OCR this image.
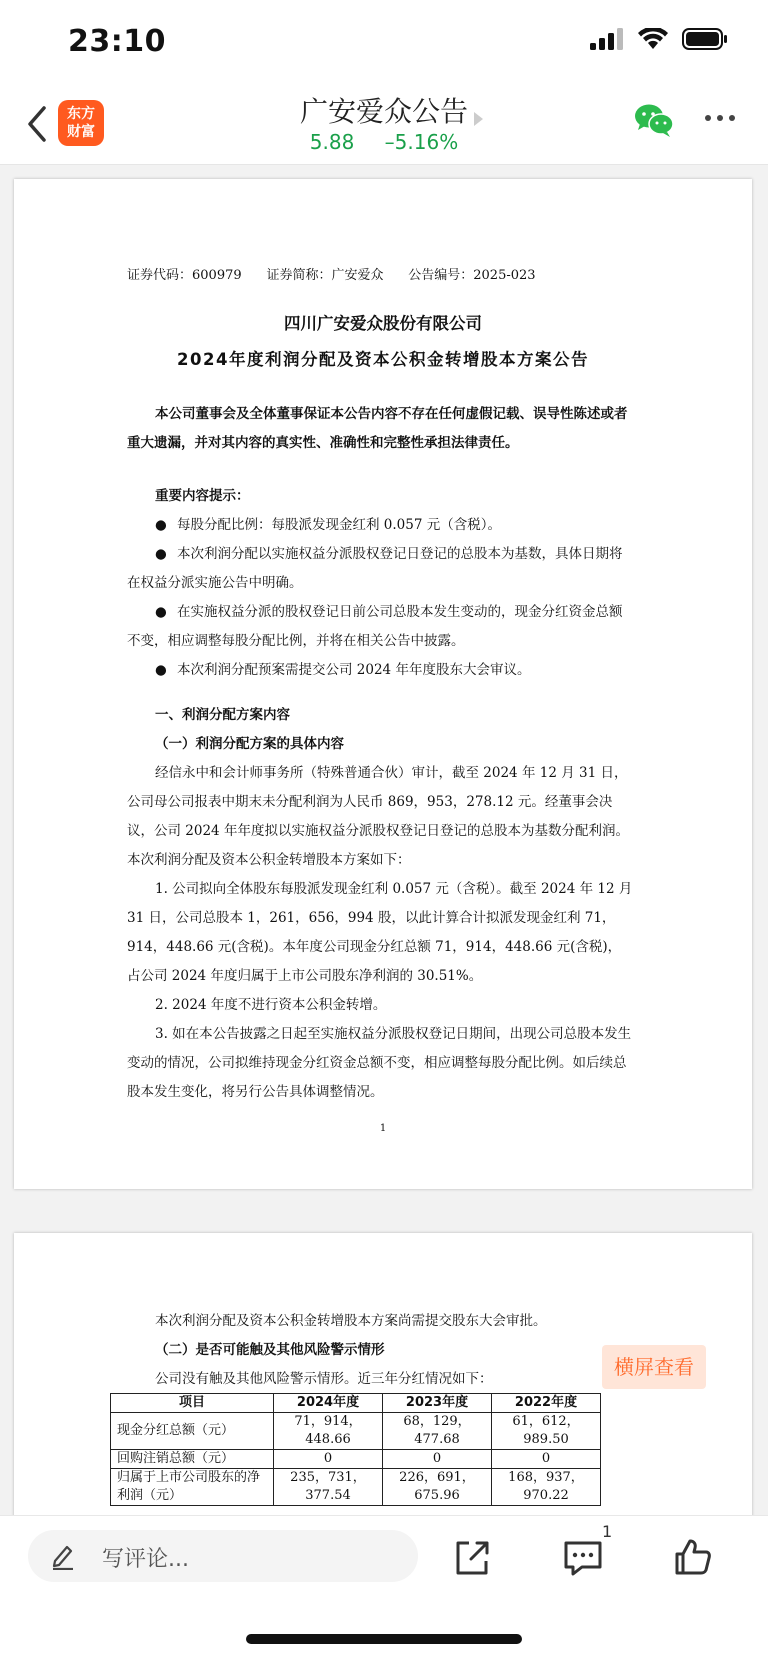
23:10
东方
财富
广安爱众公告
5.88 –5.16%
证券代码：600979 证券简称：广安爱众 公告编号：2025-023
四川广安爱众股份有限公司
2024年度利润分配及资本公积金转增股本方案公告

本公司董事会及全体董事保证本公告内容不存在任何虚假记载、误导性陈述或者重大遗漏，并对其内容的真实性、准确性和完整性承担法律责任。

重要内容提示：

● 每股分配比例：每股派发现金红利 0.057 元（含税）。

● 本次利润分配以实施权益分派股权登记日登记的总股本为基数，具体日期将在权益分派实施公告中明确。

● 在实施权益分派的股权登记日前公司总股本发生变动的，现金分红资金总额不变，相应调整每股分配比例，并将在相关公告中披露。

● 本次利润分配预案需提交公司 2024 年年度股东大会审议。

一、利润分配方案内容

（一）利润分配方案的具体内容

经信永中和会计师事务所（特殊普通合伙）审计，截至 2024 年 12 月 31 日，公司母公司报表中期末未分配利润为人民币 869，953，278.12 元。经董事会决议，公司 2024 年年度拟以实施权益分派股权登记日登记的总股本为基数分配利润。本次利润分配及资本公积金转增股本方案如下：

1. 公司拟向全体股东每股派发现金红利 0.057 元（含税）。截至 2024 年 12 月 31 日，公司总股本 1，261，656，994 股，以此计算合计拟派发现金红利 71，914，448.66 元(含税)。本年度公司现金分红总额 71，914，448.66 元(含税)，占公司 2024 年度归属于上市公司股东净利润的 30.51%。

2. 2024 年度不进行资本公积金转增。

3. 如在本公告披露之日起至实施权益分派股权登记日期间，出现公司总股本发生变动的情况，公司拟维持现金分红资金总额不变，相应调整每股分配比例。如后续总股本发生变化，将另行公告具体调整情况。

1

本次利润分配及资本公积金转增股本方案尚需提交股东大会审批。

（二）是否可能触及其他风险警示情形

公司没有触及其他风险警示情形。近三年分红情况如下：

项目	2024年度	2023年度	2022年度
现金分红总额（元）	71，914，448.66	68，129，477.68	61，612，989.50
回购注销总额（元）	0	0	0
归属于上市公司股东的净利润（元）	235，731，377.54	226，691，675.96	168，937，970.22
横屏查看
写评论...
1
